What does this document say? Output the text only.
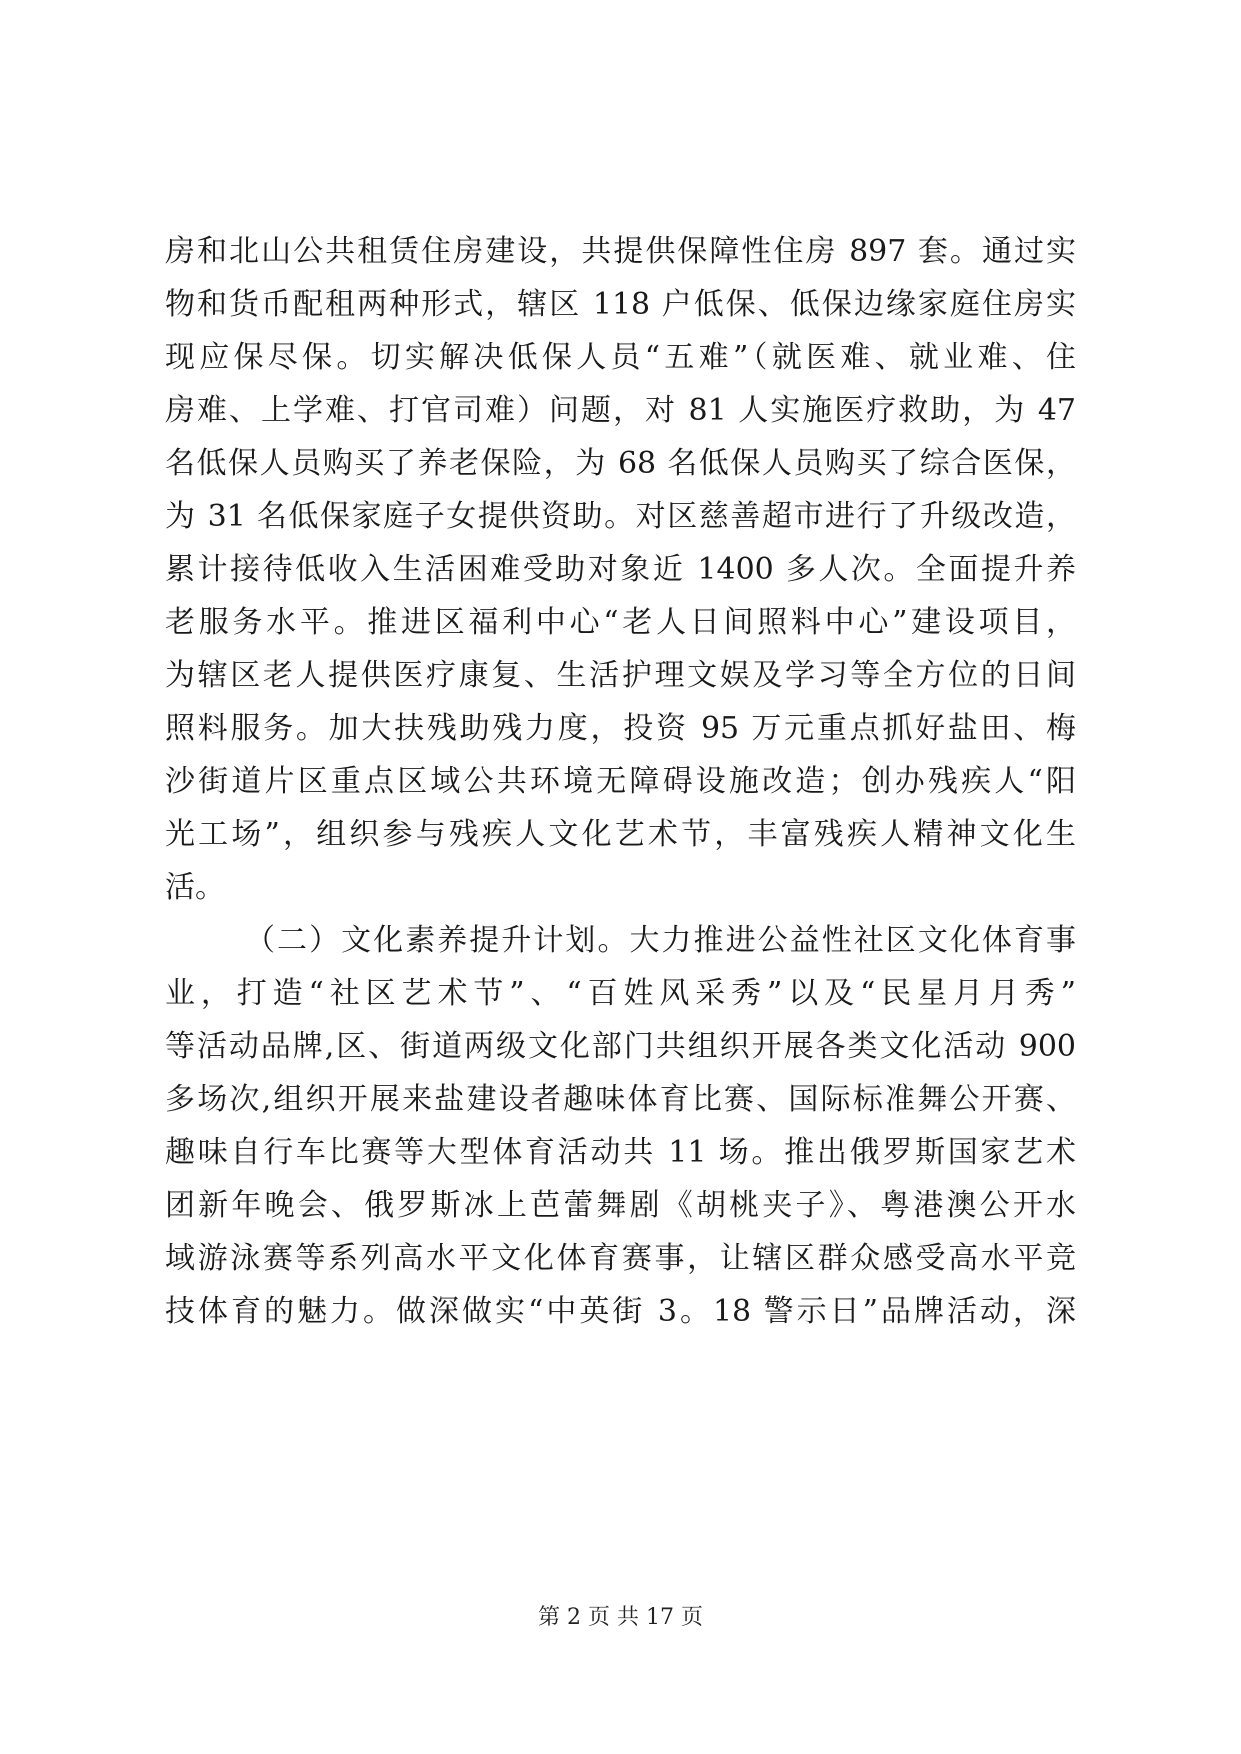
房和北山公共租赁住房建设，共提供保障性住房 897 套。通过实
物和货币配租两种形式，辖区 118 户低保、低保边缘家庭住房实
现应保尽保。切实解决低保人员“五难”（就医难、就业难、住
房难、上学难、打官司难）问题，对 81 人实施医疗救助，为 47
名低保人员购买了养老保险，为 68 名低保人员购买了综合医保，
为 31 名低保家庭子女提供资助。对区慈善超市进行了升级改造，
累计接待低收入生活困难受助对象近 1400 多人次。全面提升养
老服务水平。推进区福利中心“老人日间照料中心”建设项目，
为辖区老人提供医疗康复、生活护理文娱及学习等全方位的日间
照料服务。加大扶残助残力度，投资 95 万元重点抓好盐田、梅
沙街道片区重点区域公共环境无障碍设施改造；创办残疾人“阳
光工场”，组织参与残疾人文化艺术节，丰富残疾人精神文化生
活。
（二）文化素养提升计划。大力推进公益性社区文化体育事
业，打造“社区艺术节”、“百姓风采秀”以及“民星月月秀”
等活动品牌,区、街道两级文化部门共组织开展各类文化活动 900
多场次,组织开展来盐建设者趣味体育比赛、国际标准舞公开赛、
趣味自行车比赛等大型体育活动共 11 场。推出俄罗斯国家艺术
团新年晚会、俄罗斯冰上芭蕾舞剧《胡桃夹子》、粤港澳公开水
域游泳赛等系列高水平文化体育赛事，让辖区群众感受高水平竞
技体育的魅力。做深做实“中英街 3。18 警示日”品牌活动，深
第 2 页 共 17 页
